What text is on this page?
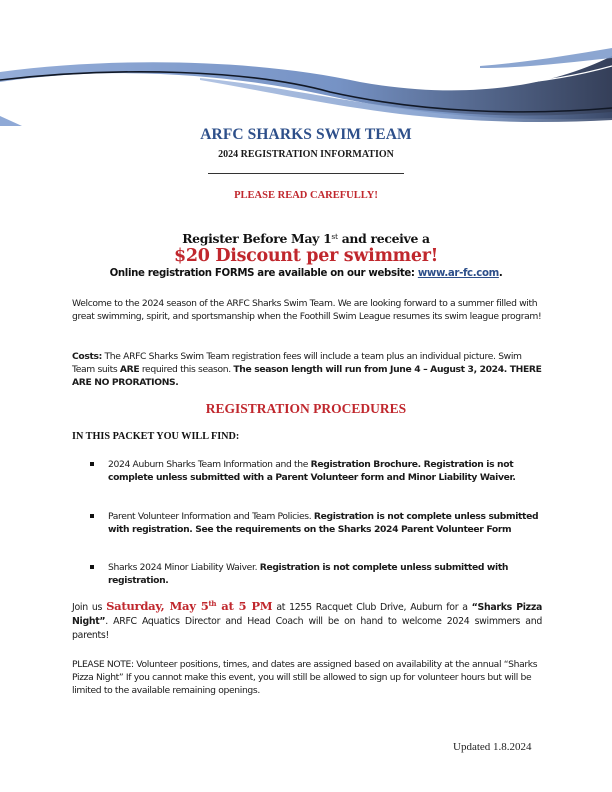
ARFC SHARKS SWIM TEAM
2024 REGISTRATION INFORMATION
PLEASE READ CAREFULLY!
Register Before May 1st and receive a
$20 Discount per swimmer!
Online registration FORMS are available on our website: www.ar-fc.com.
Welcome to the 2024 season of the ARFC Sharks Swim Team. We are looking forward to a summer filled with great swimming, spirit, and sportsmanship when the Foothill Swim League resumes its swim league program!
Costs: The ARFC Sharks Swim Team registration fees will include a team plus an individual picture. Swim Team suits ARE required this season. The season length will run from June 4 – August 3, 2024. THERE ARE NO PRORATIONS.
REGISTRATION PROCEDURES
IN THIS PACKET YOU WILL FIND:
2024 Auburn Sharks Team Information and the Registration Brochure. Registration is not complete unless submitted with a Parent Volunteer form and Minor Liability Waiver.
Parent Volunteer Information and Team Policies. Registration is not complete unless submitted with registration. See the requirements on the Sharks 2024 Parent Volunteer Form
Sharks 2024 Minor Liability Waiver. Registration is not complete unless submitted with registration.
Join us Saturday, May 5th at 5 PM at 1255 Racquet Club Drive, Auburn for a “Sharks Pizza Night”. ARFC Aquatics Director and Head Coach will be on hand to welcome 2024 swimmers and parents!
PLEASE NOTE: Volunteer positions, times, and dates are assigned based on availability at the annual “Sharks Pizza Night” If you cannot make this event, you will still be allowed to sign up for volunteer hours but will be limited to the available remaining openings.
Updated 1.8.2024
